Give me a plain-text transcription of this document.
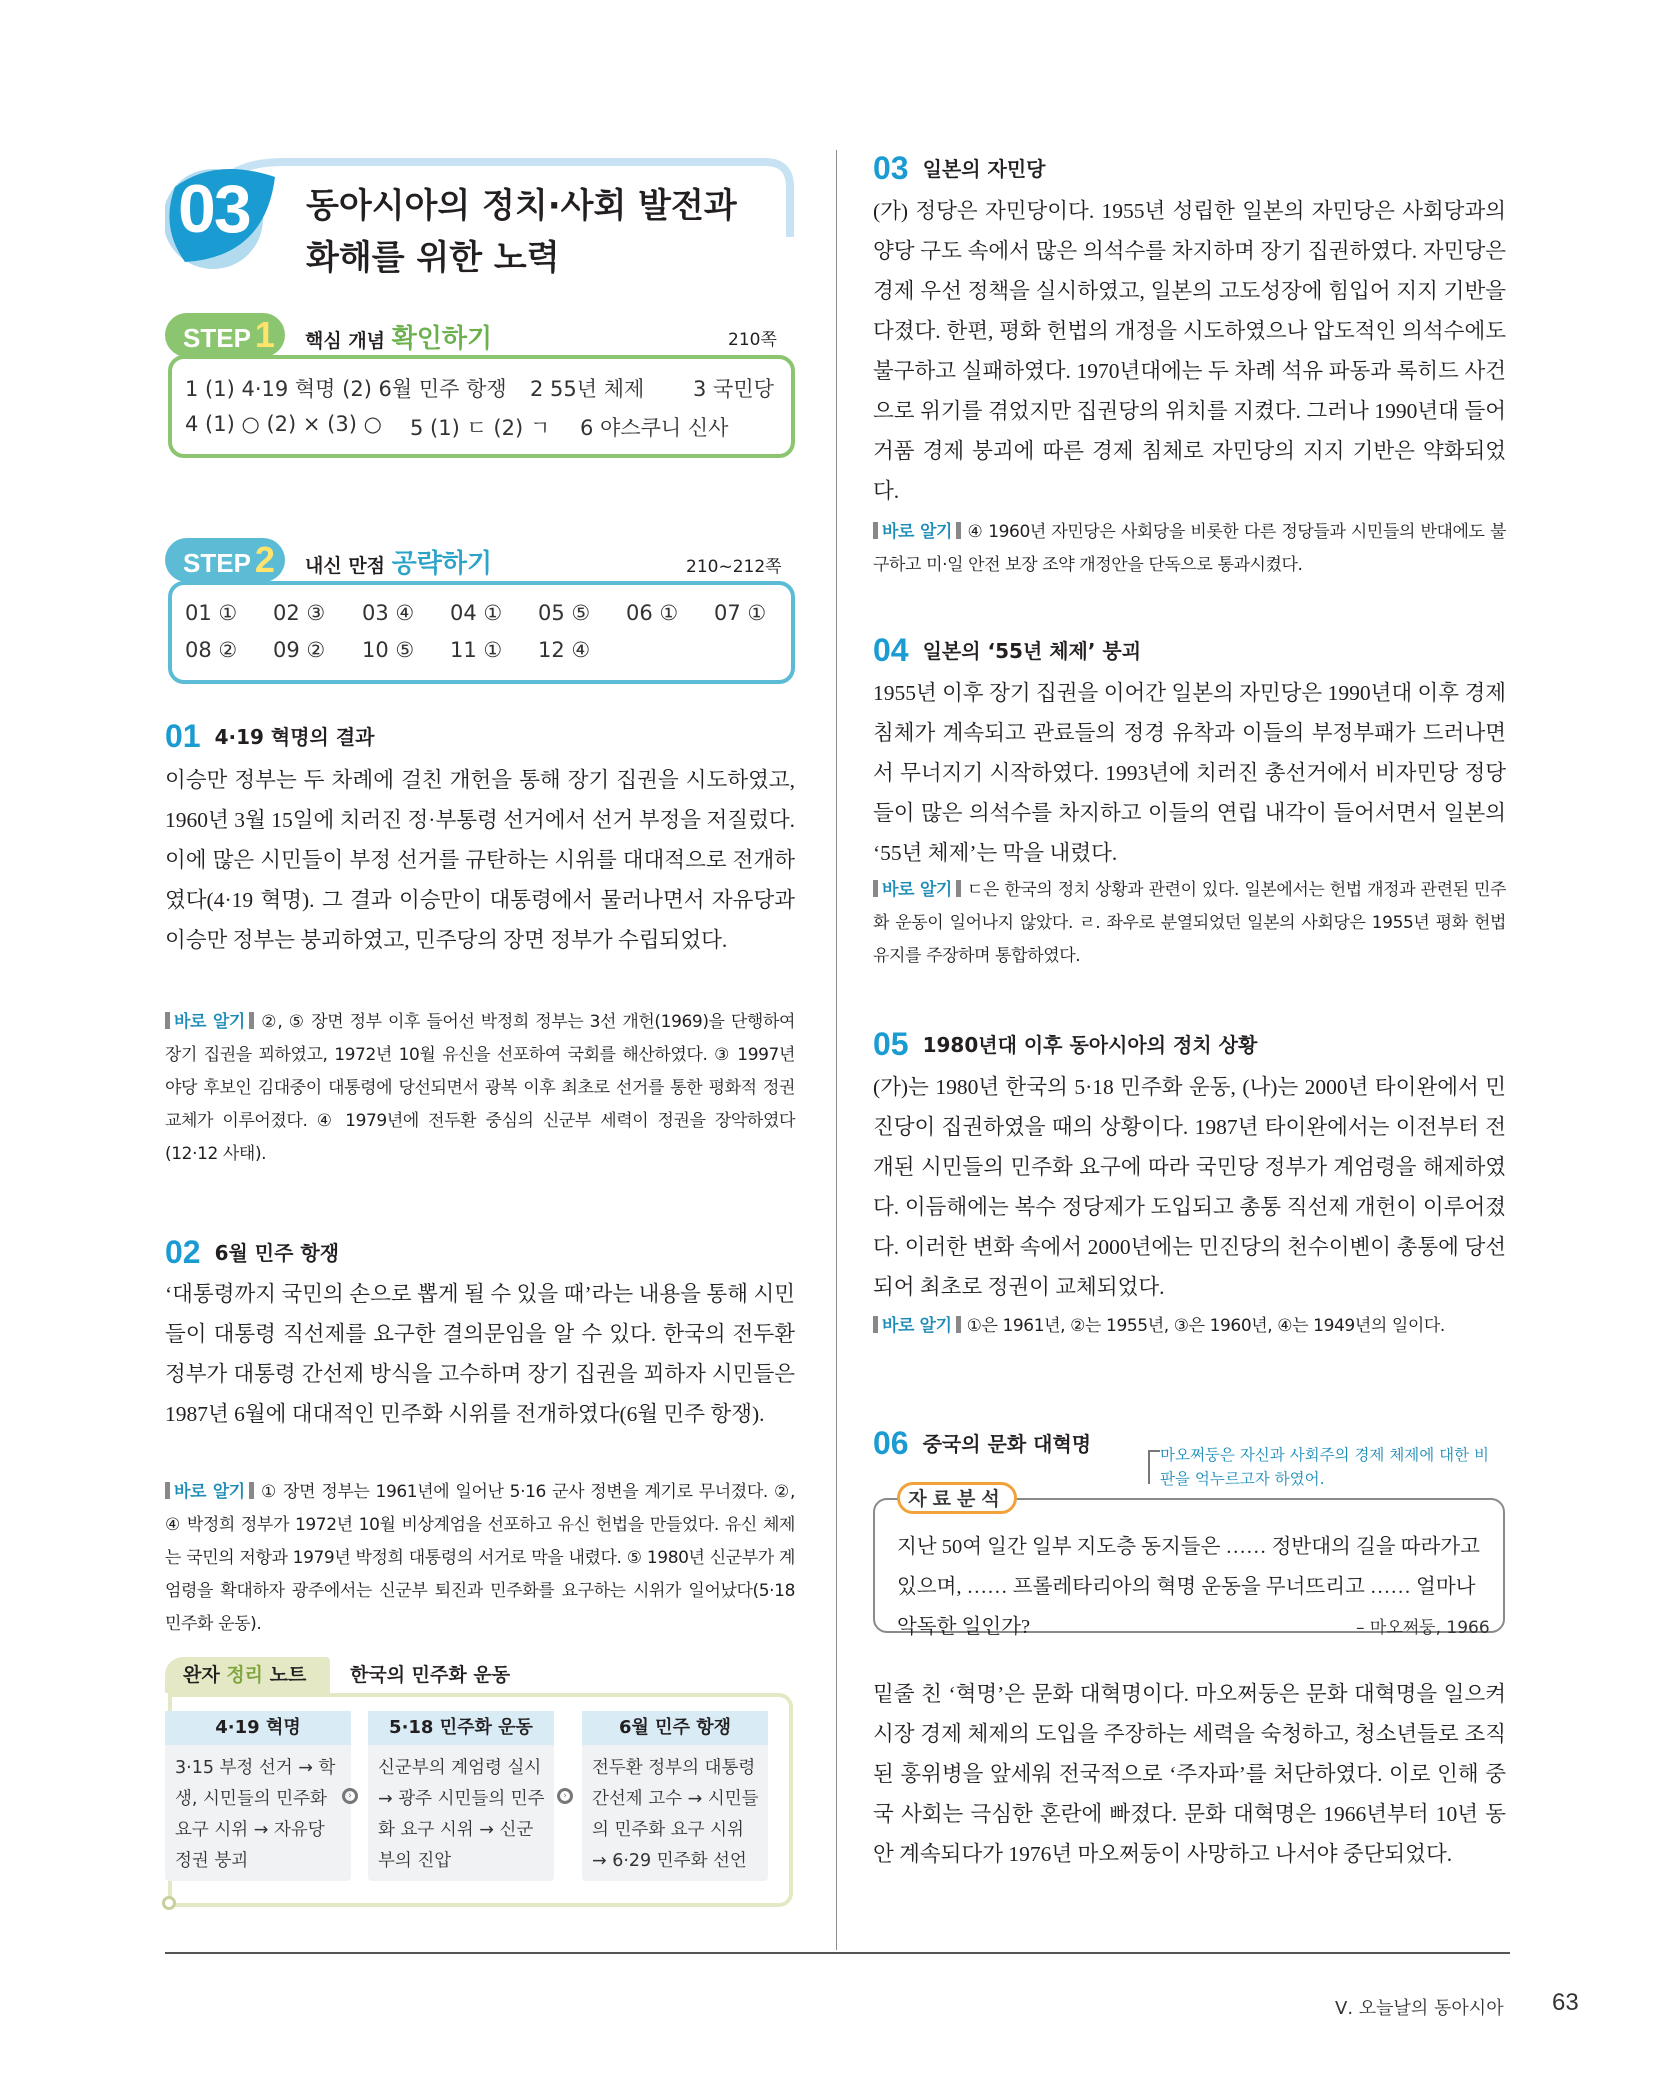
03 동아시아의 정치·사회 발전과
화해를 위한 노력
STEP 1	핵심 개념 확인하기	210쪽
1 (1) 4·19 혁명 (2) 6월 민주 항쟁 2 55년 체제 3 국민당
4 (1) ○ (2) × (3) ○ 5 (1) ㄷ (2) ㄱ 6 야스쿠니 신사
STEP 2	내신 만점 공략하기	210~212쪽
01 ① 02 ③ 03 ④ 04 ① 05 ⑤ 06 ① 07 ①
08 ② 09 ② 10 ⑤ 11 ① 12 ④
01 4·19 혁명의 결과
이승만 정부는 두 차례에 걸친 개헌을 통해 장기 집권을 시도하였고, 1960년 3월 15일에 치러진 정·부통령 선거에서 선거 부정을 저질렀다. 이에 많은 시민들이 부정 선거를 규탄하는 시위를 대대적으로 전개하였다(4·19 혁명). 그 결과 이승만이 대통령에서 물러나면서 자유당과 이승만 정부는 붕괴하였고, 민주당의 장면 정부가 수립되었다.
바로 알기 ②, ⑤ 장면 정부 이후 들어선 박정희 정부는 3선 개헌(1969)을 단행하여 장기 집권을 꾀하였고, 1972년 10월 유신을 선포하여 국회를 해산하였다. ③ 1997년 야당 후보인 김대중이 대통령에 당선되면서 광복 이후 최초로 선거를 통한 평화적 정권 교체가 이루어졌다. ④ 1979년에 전두환 중심의 신군부 세력이 정권을 장악하였다(12·12 사태).
02 6월 민주 항쟁
‘대통령까지 국민의 손으로 뽑게 될 수 있을 때’라는 내용을 통해 시민들이 대통령 직선제를 요구한 결의문임을 알 수 있다. 한국의 전두환 정부가 대통령 간선제 방식을 고수하며 장기 집권을 꾀하자 시민들은 1987년 6월에 대대적인 민주화 시위를 전개하였다(6월 민주 항쟁).
바로 알기 ① 장면 정부는 1961년에 일어난 5·16 군사 정변을 계기로 무너졌다. ②, ④ 박정희 정부가 1972년 10월 비상계엄을 선포하고 유신 헌법을 만들었다. 유신 체제는 국민의 저항과 1979년 박정희 대통령의 서거로 막을 내렸다. ⑤ 1980년 신군부가 계엄령을 확대하자 광주에서는 신군부 퇴진과 민주화를 요구하는 시위가 일어났다(5·18 민주화 운동).
완자 정리 노트	한국의 민주화 운동
4·19 혁명
3·15 부정 선거 → 학생, 시민들의 민주화 요구 시위 → 자유당 정권 붕괴
›
5·18 민주화 운동
신군부의 계엄령 실시 → 광주 시민들의 민주화 요구 시위 → 신군부의 진압
›
6월 민주 항쟁
전두환 정부의 대통령 간선제 고수 → 시민들의 민주화 요구 시위 → 6·29 민주화 선언
03 일본의 자민당
(가) 정당은 자민당이다. 1955년 성립한 일본의 자민당은 사회당과의 양당 구도 속에서 많은 의석수를 차지하며 장기 집권하였다. 자민당은 경제 우선 정책을 실시하였고, 일본의 고도성장에 힘입어 지지 기반을 다졌다. 한편, 평화 헌법의 개정을 시도하였으나 압도적인 의석수에도 불구하고 실패하였다. 1970년대에는 두 차례 석유 파동과 록히드 사건으로 위기를 겪었지만 집권당의 위치를 지켰다. 그러나 1990년대 들어 거품 경제 붕괴에 따른 경제 침체로 자민당의 지지 기반은 약화되었다.
바로 알기 ④ 1960년 자민당은 사회당을 비롯한 다른 정당들과 시민들의 반대에도 불구하고 미·일 안전 보장 조약 개정안을 단독으로 통과시켰다.
04 일본의 ‘55년 체제’ 붕괴
1955년 이후 장기 집권을 이어간 일본의 자민당은 1990년대 이후 경제 침체가 계속되고 관료들의 정경 유착과 이들의 부정부패가 드러나면서 무너지기 시작하였다. 1993년에 치러진 총선거에서 비자민당 정당들이 많은 의석수를 차지하고 이들의 연립 내각이 들어서면서 일본의 ‘55년 체제’는 막을 내렸다.
바로 알기 ㄷ은 한국의 정치 상황과 관련이 있다. 일본에서는 헌법 개정과 관련된 민주화 운동이 일어나지 않았다. ㄹ. 좌우로 분열되었던 일본의 사회당은 1955년 평화 헌법 유지를 주장하며 통합하였다.
05 1980년대 이후 동아시아의 정치 상황
(가)는 1980년 한국의 5·18 민주화 운동, (나)는 2000년 타이완에서 민진당이 집권하였을 때의 상황이다. 1987년 타이완에서는 이전부터 전개된 시민들의 민주화 요구에 따라 국민당 정부가 계엄령을 해제하였다. 이듬해에는 복수 정당제가 도입되고 총통 직선제 개헌이 이루어졌다. 이러한 변화 속에서 2000년에는 민진당의 천수이볜이 총통에 당선되어 최초로 정권이 교체되었다.
바로 알기 ①은 1961년, ②는 1955년, ③은 1960년, ④는 1949년의 일이다.
06 중국의 문화 대혁명	마오쩌둥은 자신과 사회주의 경제 체제에 대한 비판을 억누르고자 하였어.
자료분석
지난 50여 일간 일부 지도층 동지들은 …… 정반대의 길을 따라가고 있으며, …… 프롤레타리아의 혁명 운동을 무너뜨리고 …… 얼마나 악독한 일인가?	– 마오쩌둥, 1966
밑줄 친 ‘혁명’은 문화 대혁명이다. 마오쩌둥은 문화 대혁명을 일으켜 시장 경제 체제의 도입을 주장하는 세력을 숙청하고, 청소년들로 조직된 홍위병을 앞세워 전국적으로 ‘주자파’를 처단하였다. 이로 인해 중국 사회는 극심한 혼란에 빠졌다. 문화 대혁명은 1966년부터 10년 동안 계속되다가 1976년 마오쩌둥이 사망하고 나서야 중단되었다.
Ⅴ. 오늘날의 동아시아 63
